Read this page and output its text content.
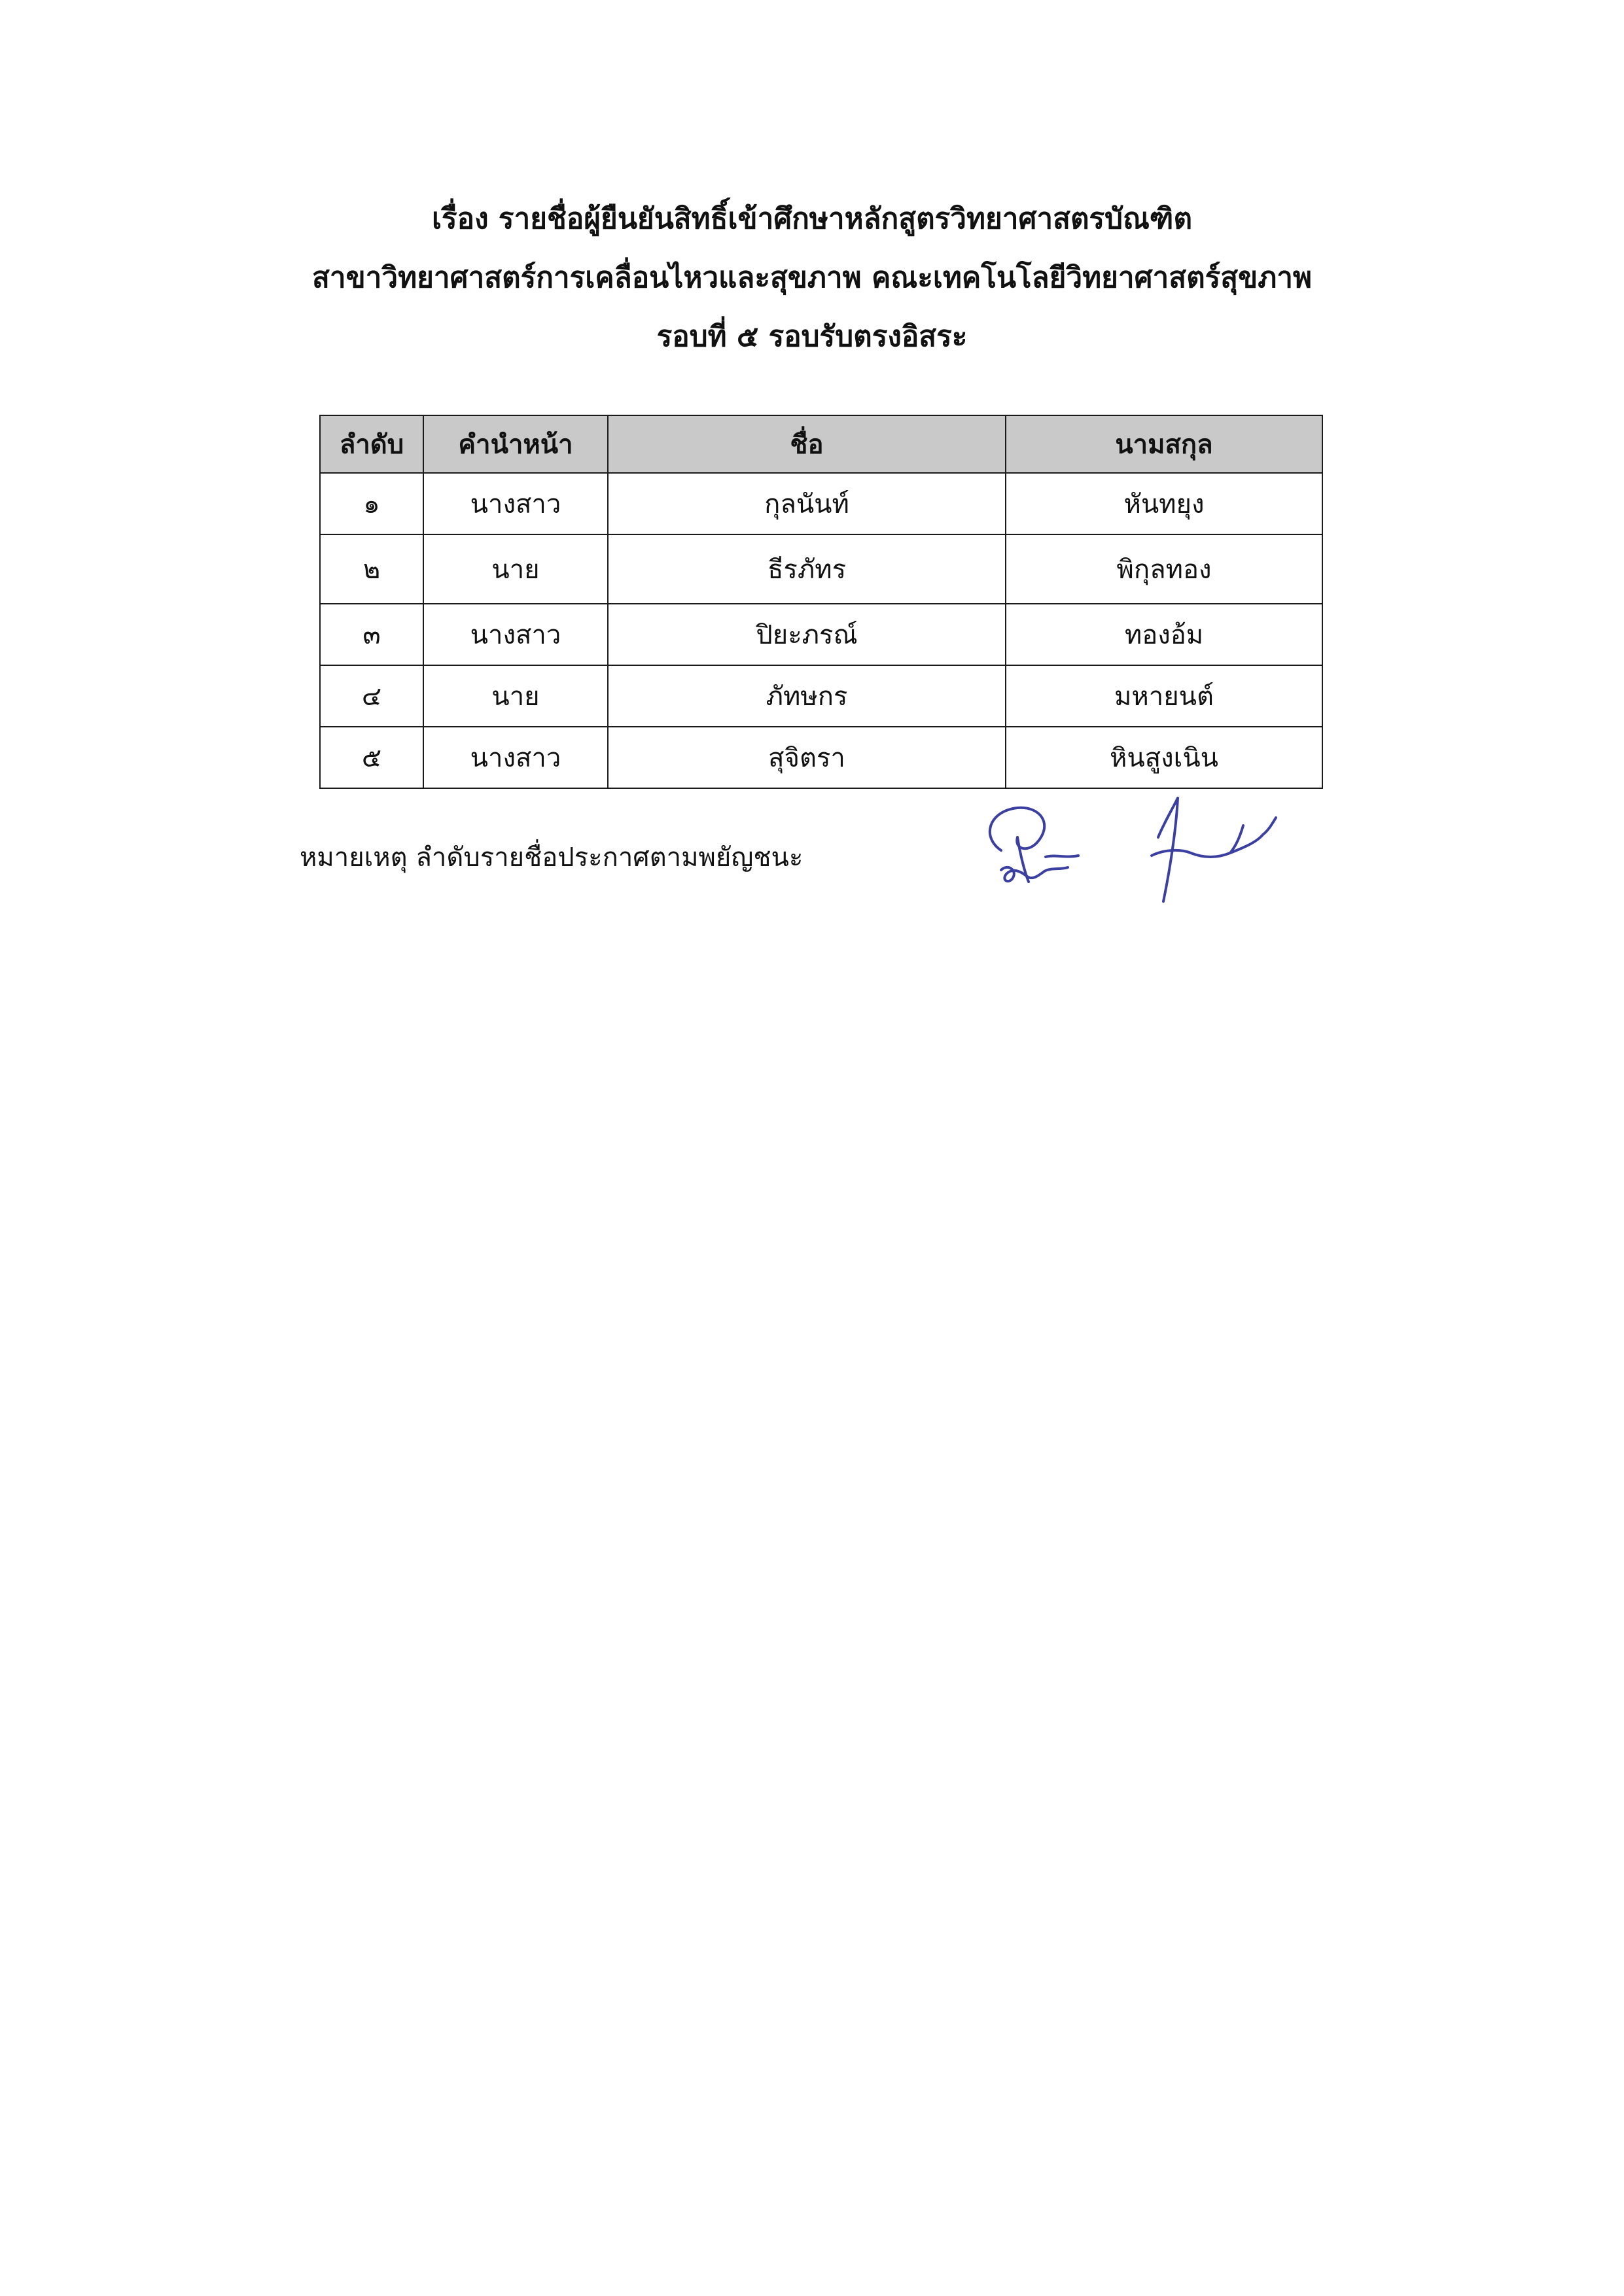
เรื่อง รายชื่อผู้ยืนยันสิทธิ์เข้าศึกษาหลักสูตรวิทยาศาสตรบัณฑิต
สาขาวิทยาศาสตร์การเคลื่อนไหวและสุขภาพ คณะเทคโนโลยีวิทยาศาสตร์สุขภาพ
รอบที่ ๕ รอบรับตรงอิสระ
ลำดับ	คำนำหน้า	ชื่อ	นามสกุล
๑	นางสาว	กุลนันท์	หันทยุง
๒	นาย	ธีรภัทร	พิกุลทอง
๓	นางสาว	ปิยะภรณ์	ทองอ้ม
๔	นาย	ภัทษกร	มหายนต์
๕	นางสาว	สุจิตรา	หินสูงเนิน
หมายเหตุ ลำดับรายชื่อประกาศตามพยัญชนะ
